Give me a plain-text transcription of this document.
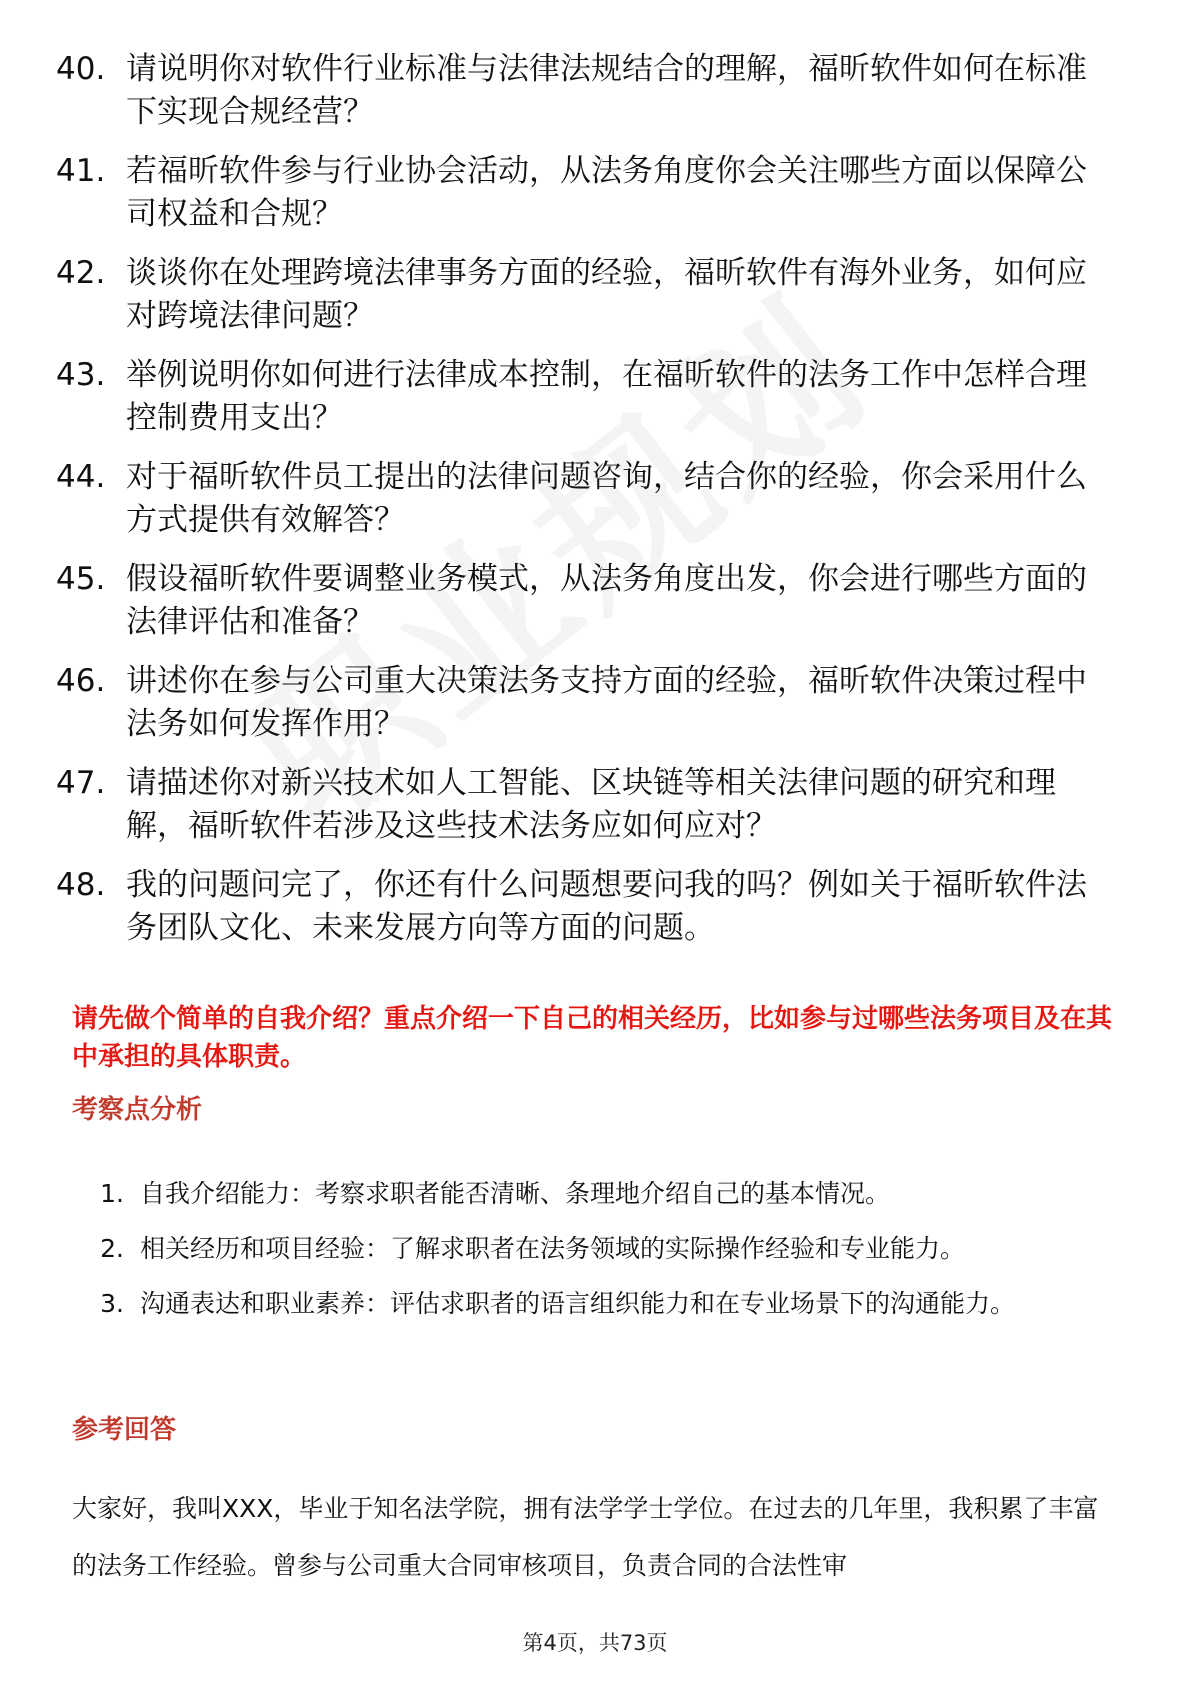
40. 请说明你对软件行业标准与法律法规结合的理解，福昕软件如何在标准下实现合规经营？
41. 若福昕软件参与行业协会活动，从法务角度你会关注哪些方面以保障公司权益和合规？
42. 谈谈你在处理跨境法律事务方面的经验，福昕软件有海外业务，如何应对跨境法律问题？
43. 举例说明你如何进行法律成本控制，在福昕软件的法务工作中怎样合理控制费用支出？
44. 对于福昕软件员工提出的法律问题咨询，结合你的经验，你会采用什么方式提供有效解答？
45. 假设福昕软件要调整业务模式，从法务角度出发，你会进行哪些方面的法律评估和准备？
46. 讲述你在参与公司重大决策法务支持方面的经验，福昕软件决策过程中法务如何发挥作用？
47. 请描述你对新兴技术如人工智能、区块链等相关法律问题的研究和理解，福昕软件若涉及这些技术法务应如何应对？
48. 我的问题问完了，你还有什么问题想要问我的吗？例如关于福昕软件法务团队文化、未来发展方向等方面的问题。

请先做个简单的自我介绍？重点介绍一下自己的相关经历，比如参与过哪些法务项目及在其中承担的具体职责。

考察点分析
1. 自我介绍能力：考察求职者能否清晰、条理地介绍自己的基本情况。
2. 相关经历和项目经验：了解求职者在法务领域的实际操作经验和专业能力。
3. 沟通表达和职业素养：评估求职者的语言组织能力和在专业场景下的沟通能力。
参考回答

大家好，我叫XXX，毕业于知名法学院，拥有法学学士学位。在过去的几年里，我积累了丰富的法务工作经验。曾参与公司重大合同审核项目，负责合同的合法性审

第4页，共73页
